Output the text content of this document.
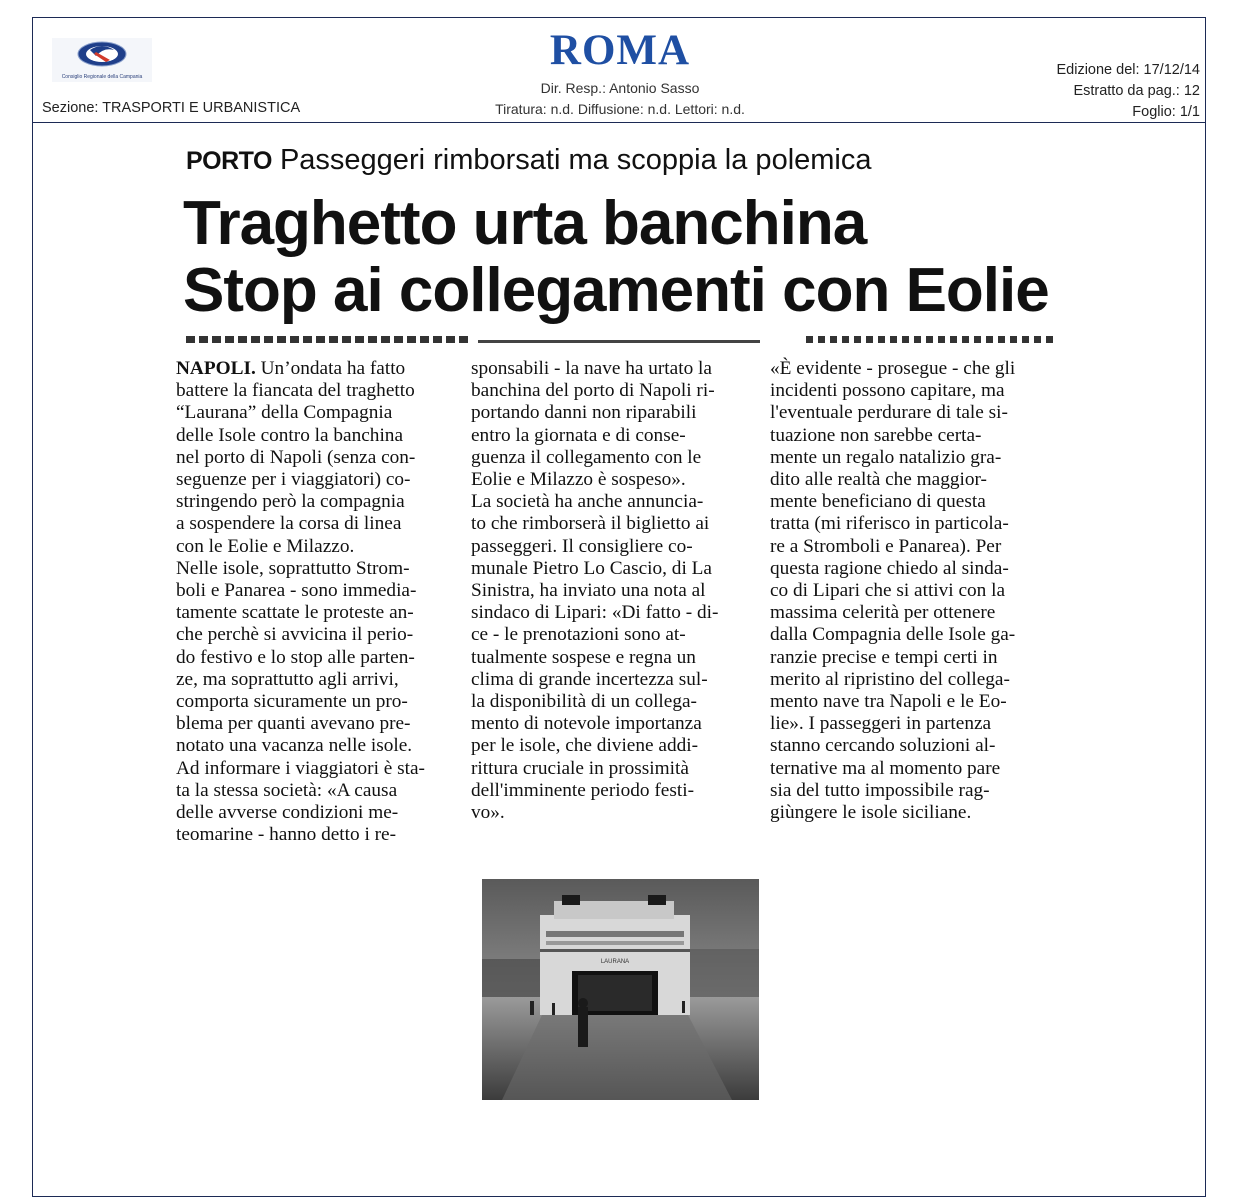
Consiglio Regionale della Campania
Sezione: TRASPORTI E URBANISTICA
ROMA
Dir. Resp.: Antonio Sasso
Tiratura: n.d. Diffusione: n.d. Lettori: n.d.
Edizione del: 17/12/14
Estratto da pag.: 12
Foglio: 1/1
PORTO Passeggeri rimborsati ma scoppia la polemica
Traghetto urta banchina
Stop ai collegamenti con Eolie

NAPOLI. Un’ondata ha fatto

battere la fiancata del traghetto

“Laurana” della Compagnia

delle Isole contro la banchina

nel porto di Napoli (senza con-

seguenze per i viaggiatori) co-

stringendo però la compagnia

a sospendere la corsa di linea

con le Eolie e Milazzo.

Nelle isole, soprattutto Strom-

boli e Panarea - sono immedia-

tamente scattate le proteste an-

che perchè si avvicina il perio-

do festivo e lo stop alle parten-

ze, ma soprattutto agli arrivi,

comporta sicuramente un pro-

blema per quanti avevano pre-

notato una vacanza nelle isole.

Ad informare i viaggiatori è sta-

ta la stessa società: «A causa

delle avverse condizioni me-

teomarine - hanno detto i re-

sponsabili - la nave ha urtato la

banchina del porto di Napoli ri-

portando danni non riparabili

entro la giornata e di conse-

guenza il collegamento con le

Eolie e Milazzo è sospeso».

La società ha anche annuncia-

to che rimborserà il biglietto ai

passeggeri. Il consigliere co-

munale Pietro Lo Cascio, di La

Sinistra, ha inviato una nota al

sindaco di Lipari: «Di fatto - di-

ce - le prenotazioni sono at-

tualmente sospese e regna un

clima di grande incertezza sul-

la disponibilità di un collega-

mento di notevole importanza

per le isole, che diviene addi-

rittura cruciale in prossimità

dell'imminente periodo festi-

vo».

«È evidente - prosegue - che gli

incidenti possono capitare, ma

l'eventuale perdurare di tale si-

tuazione non sarebbe certa-

mente un regalo natalizio gra-

dito alle realtà che maggior-

mente beneficiano di questa

tratta (mi riferisco in particola-

re a Stromboli e Panarea). Per

questa ragione chiedo al sinda-

co di Lipari che si attivi con la

massima celerità per ottenere

dalla Compagnia delle Isole ga-

ranzie precise e tempi certi in

merito al ripristino del collega-

mento nave tra Napoli e le Eo-

lie». I passeggeri in partenza

stanno cercando soluzioni al-

ternative ma al momento pare

sia del tutto impossibile rag-

giùngere le isole siciliane.

LAURANA
